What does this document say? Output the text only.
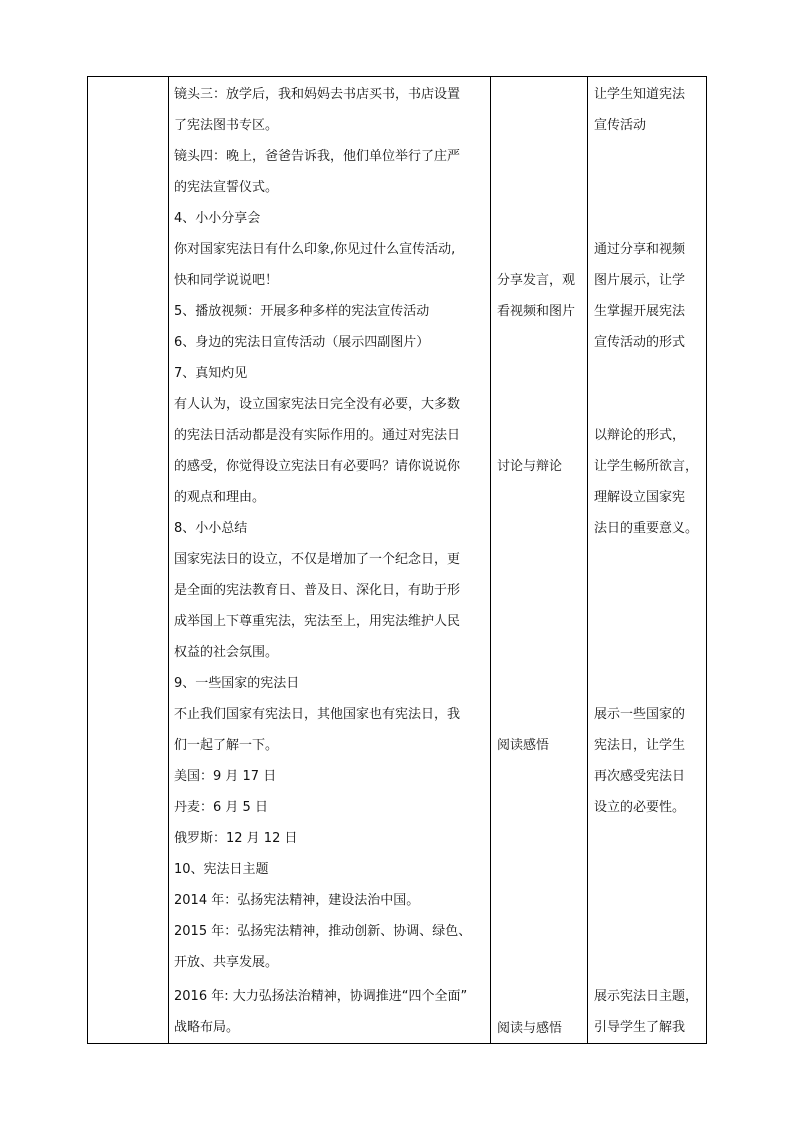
镜头三：放学后，我和妈妈去书店买书，书店设置
了宪法图书专区。
镜头四：晚上，爸爸告诉我，他们单位举行了庄严
的宪法宣誓仪式。
4、小小分享会
你对国家宪法日有什么印象,你见过什么宣传活动,
快和同学说说吧！
5、播放视频：开展多种多样的宪法宣传活动
6、身边的宪法日宣传活动（展示四副图片）
7、真知灼见
有人认为，设立国家宪法日完全没有必要，大多数
的宪法日活动都是没有实际作用的。通过对宪法日
的感受，你觉得设立宪法日有必要吗？请你说说你
的观点和理由。
8、小小总结
国家宪法日的设立，不仅是增加了一个纪念日，更
是全面的宪法教育日、普及日、深化日，有助于形
成举国上下尊重宪法，宪法至上，用宪法维护人民
权益的社会氛围。
9、一些国家的宪法日
不止我们国家有宪法日，其他国家也有宪法日，我
们一起了解一下。
美国：9 月 17 日
丹麦：6 月 5 日
俄罗斯：12 月 12 日
10、宪法日主题
2014 年：弘扬宪法精神，建设法治中国。
2015 年：弘扬宪法精神，推动创新、协调、绿色、
开放、共享发展。
2016 年: 大力弘扬法治精神，协调推进“四个全面”
战略布局。
分享发言，观
看视频和图片
讨论与辩论
阅读感悟
阅读与感悟
让学生知道宪法
宣传活动
通过分享和视频
图片展示，让学
生掌握开展宪法
宣传活动的形式
以辩论的形式，
让学生畅所欲言，
理解设立国家宪
法日的重要意义。
展示一些国家的
宪法日，让学生
再次感受宪法日
设立的必要性。
展示宪法日主题，
引导学生了解我
